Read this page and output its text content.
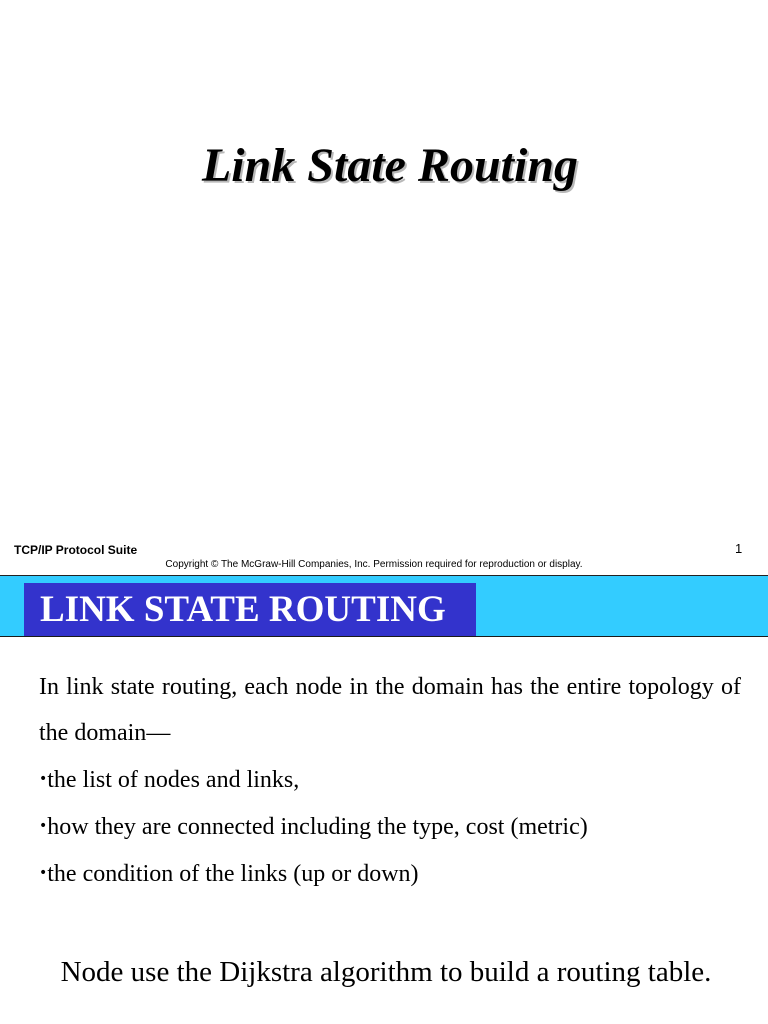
Link State Routing
TCP/IP Protocol Suite	1
Copyright © The McGraw-Hill Companies, Inc. Permission required for reproduction or display.
LINK STATE ROUTING

In link state routing, each node in the domain has the entire topology of the domain—

•the list of nodes and links,

•how they are connected including the type, cost (metric)

•the condition of the links (up or down)

Node use the Dijkstra algorithm to build a routing table.
